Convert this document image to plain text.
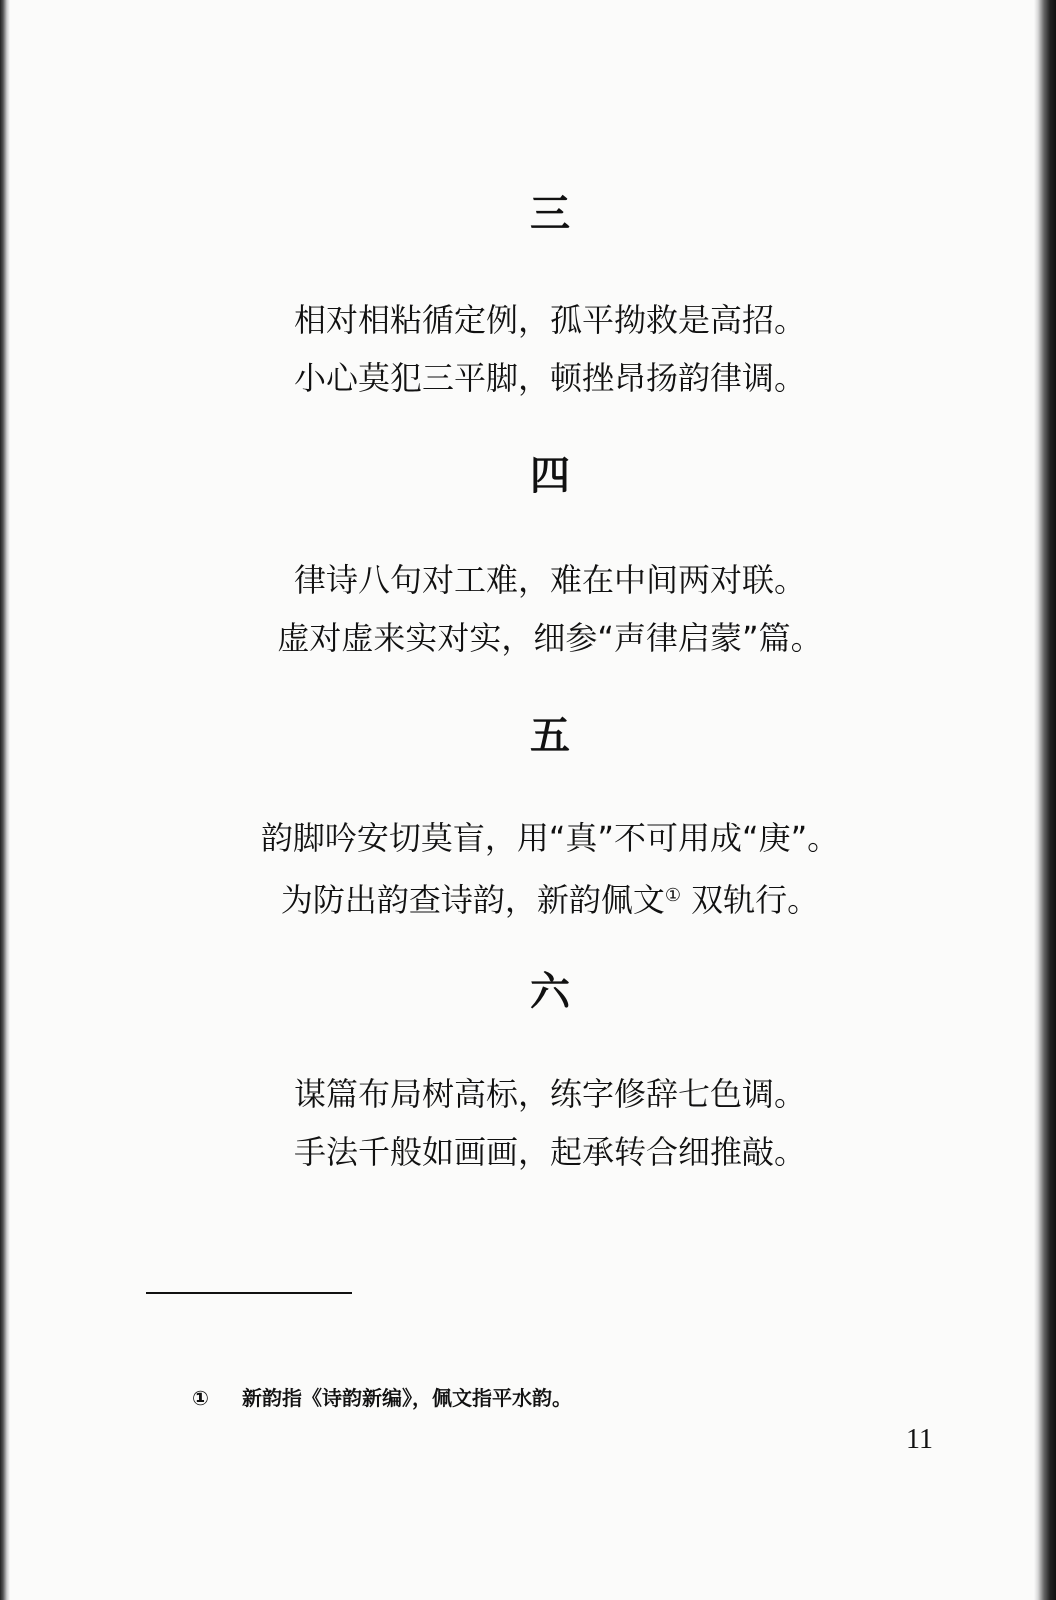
三
相对相粘循定例，孤平拗救是高招。
小心莫犯三平脚，顿挫昂扬韵律调。
四
律诗八句对工难，难在中间两对联。
虚对虚来实对实，细参“声律启蒙”篇。
五
韵脚吟安切莫盲，用“真”不可用成“庚”。
为防出韵查诗韵，新韵佩文① 双轨行。
六
谋篇布局树高标，练字修辞七色调。
手法千般如画画，起承转合细推敲。
① 新韵指《诗韵新编》，佩文指平水韵。
11
